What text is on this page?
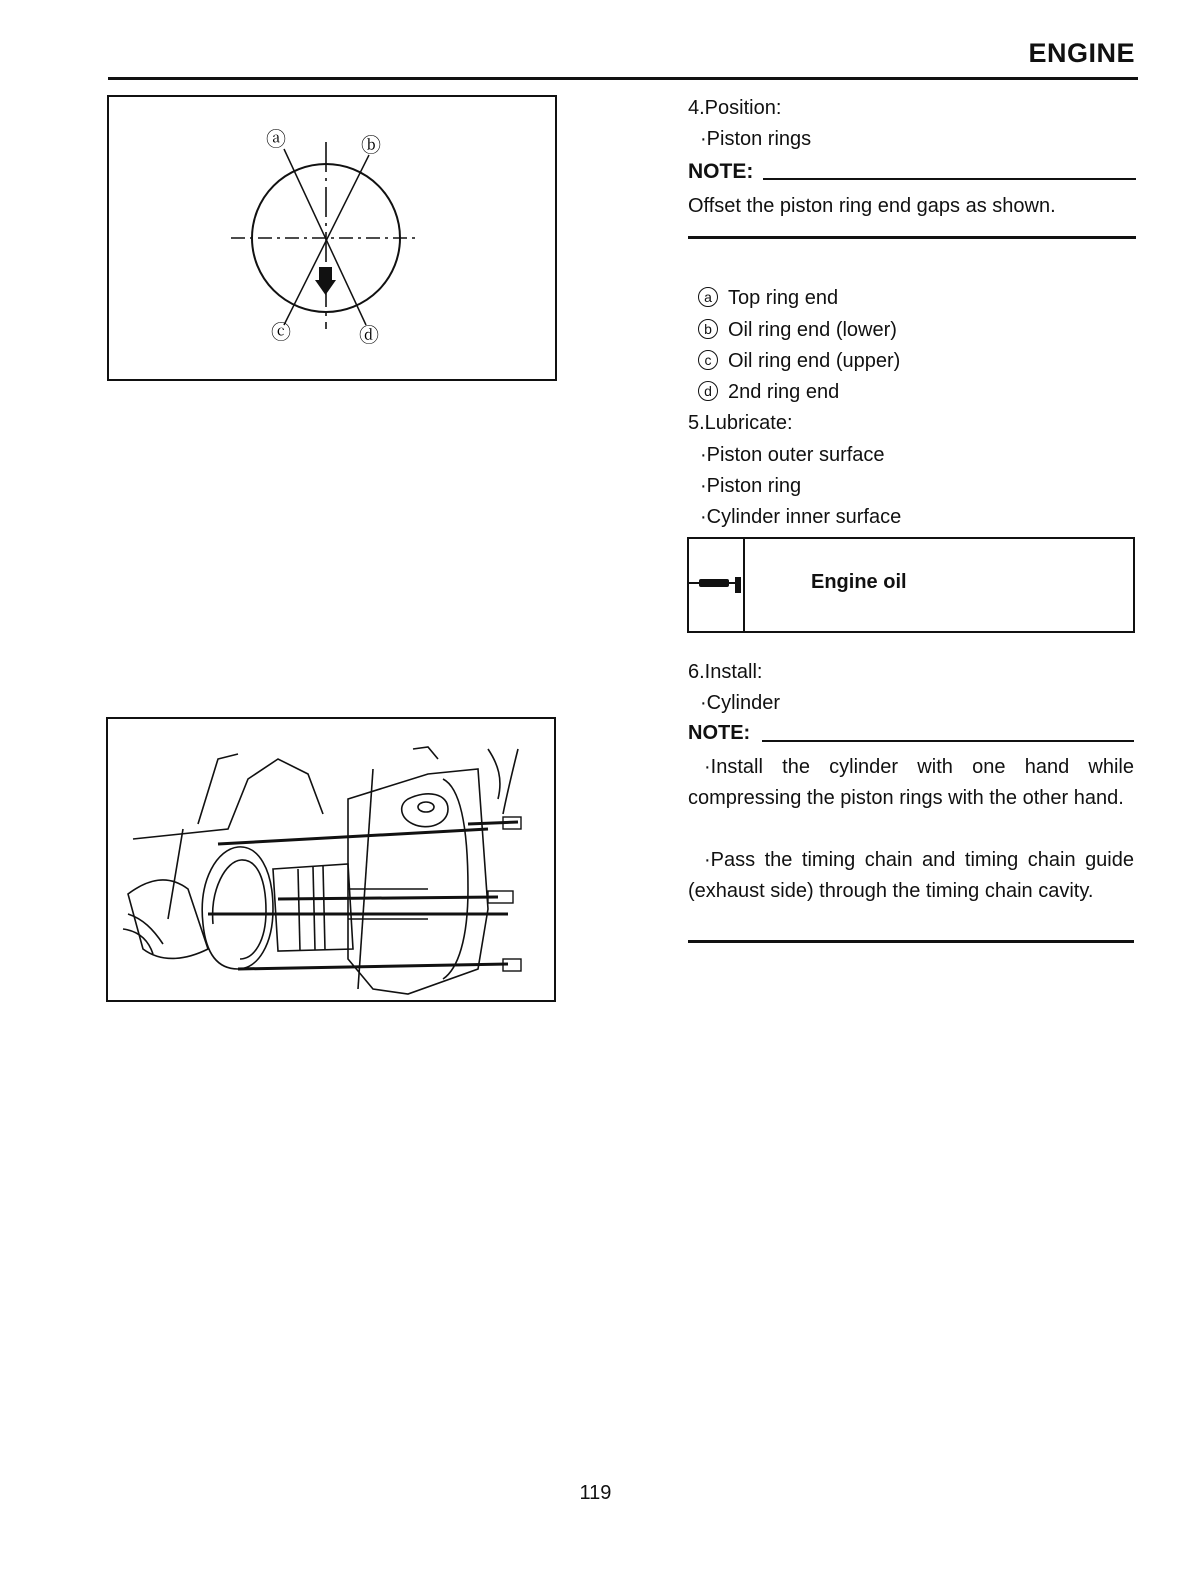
ENGINE
ⓐ	ⓑ
ⓒ	ⓓ
4.Position:
·Piston rings
NOTE:
Offset the piston ring end gaps as shown.
a Top ring end
b Oil ring end (lower)
c Oil ring end (upper)
d 2nd ring end
5.Lubricate:
·Piston outer surface
·Piston ring
·Cylinder inner surface
Engine oil
6.Install:
·Cylinder
NOTE:
·Install the cylinder with one hand while compressing the piston rings with the other hand.
·Pass the timing chain and timing chain guide (exhaust side) through the timing chain cavity.
119
